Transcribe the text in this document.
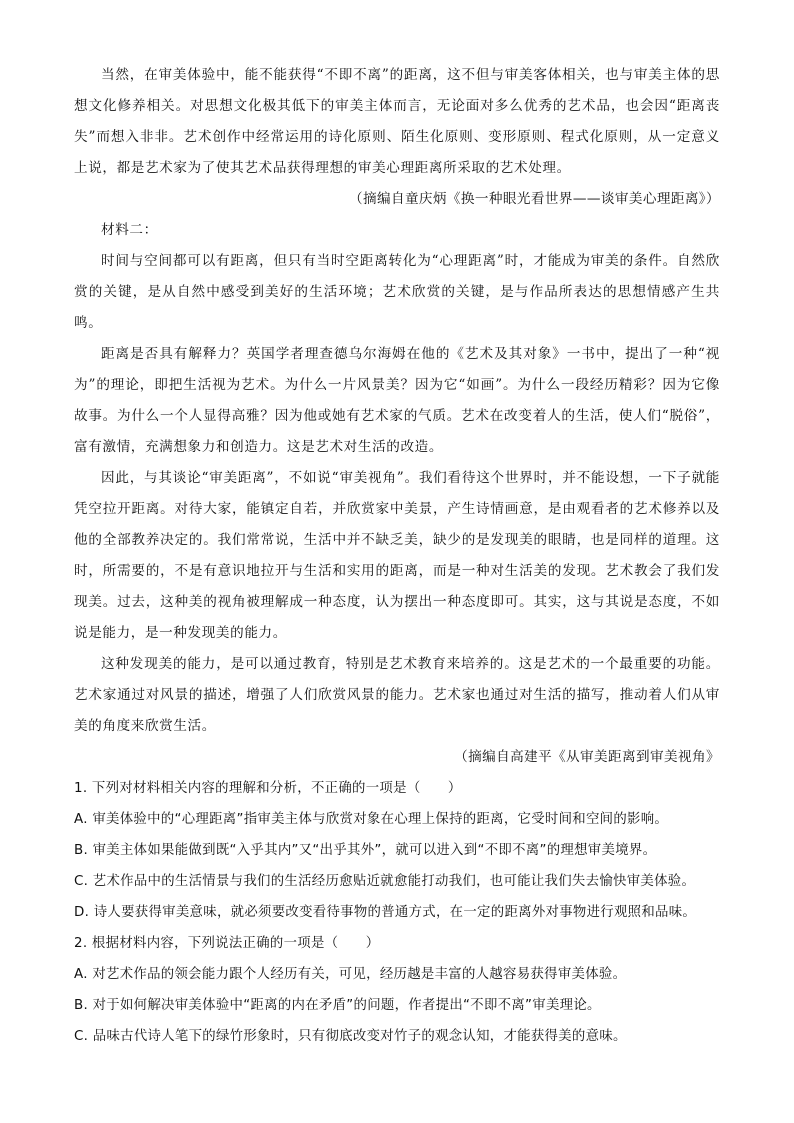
当然，在审美体验中，能不能获得“不即不离”的距离，这不但与审美客体相关，也与审美主体的思想文化修养相关。对思想文化极其低下的审美主体而言，无论面对多么优秀的艺术品，也会因“距离丧失”而想入非非。艺术创作中经常运用的诗化原则、陌生化原则、变形原则、程式化原则，从一定意义上说，都是艺术家为了使其艺术品获得理想的审美心理距离所采取的艺术处理。

（摘编自童庆炳《换一种眼光看世界——谈审美心理距离》）

材料二：

时间与空间都可以有距离，但只有当时空距离转化为“心理距离”时，才能成为审美的条件。自然欣赏的关键，是从自然中感受到美好的生活环境；艺术欣赏的关键，是与作品所表达的思想情感产生共鸣。

距离是否具有解释力？英国学者理查德乌尔海姆在他的《艺术及其对象》一书中，提出了一种“视为”的理论，即把生活视为艺术。为什么一片风景美？因为它“如画”。为什么一段经历精彩？因为它像故事。为什么一个人显得高雅？因为他或她有艺术家的气质。艺术在改变着人的生活，使人们“脱俗”，富有激情，充满想象力和创造力。这是艺术对生活的改造。

因此，与其谈论“审美距离”，不如说“审美视角”。我们看待这个世界时，并不能设想，一下子就能凭空拉开距离。对待大家，能镇定自若，并欣赏家中美景，产生诗情画意，是由观看者的艺术修养以及他的全部教养决定的。我们常常说，生活中并不缺乏美，缺少的是发现美的眼睛，也是同样的道理。这时，所需要的，不是有意识地拉开与生活和实用的距离，而是一种对生活美的发现。艺术教会了我们发现美。过去，这种美的视角被理解成一种态度，认为摆出一种态度即可。其实，这与其说是态度，不如说是能力，是一种发现美的能力。

这种发现美的能力，是可以通过教育，特别是艺术教育来培养的。这是艺术的一个最重要的功能。艺术家通过对风景的描述，增强了人们欣赏风景的能力。艺术家也通过对生活的描写，推动着人们从审美的角度来欣赏生活。

（摘编自高建平《从审美距离到审美视角》

1. 下列对材料相关内容的理解和分析，不正确的一项是（　　）

A. 审美体验中的“心理距离”指审美主体与欣赏对象在心理上保持的距离，它受时间和空间的影响。

B. 审美主体如果能做到既“入乎其内”又“出乎其外”，就可以进入到“不即不离”的理想审美境界。

C. 艺术作品中的生活情景与我们的生活经历愈贴近就愈能打动我们，也可能让我们失去愉快审美体验。

D. 诗人要获得审美意味，就必须要改变看待事物的普通方式，在一定的距离外对事物进行观照和品味。

2. 根据材料内容，下列说法正确的一项是（　　）

A. 对艺术作品的领会能力跟个人经历有关，可见，经历越是丰富的人越容易获得审美体验。

B. 对于如何解决审美体验中“距离的内在矛盾”的问题，作者提出“不即不离”审美理论。

C. 品味古代诗人笔下的绿竹形象时，只有彻底改变对竹子的观念认知，才能获得美的意味。
